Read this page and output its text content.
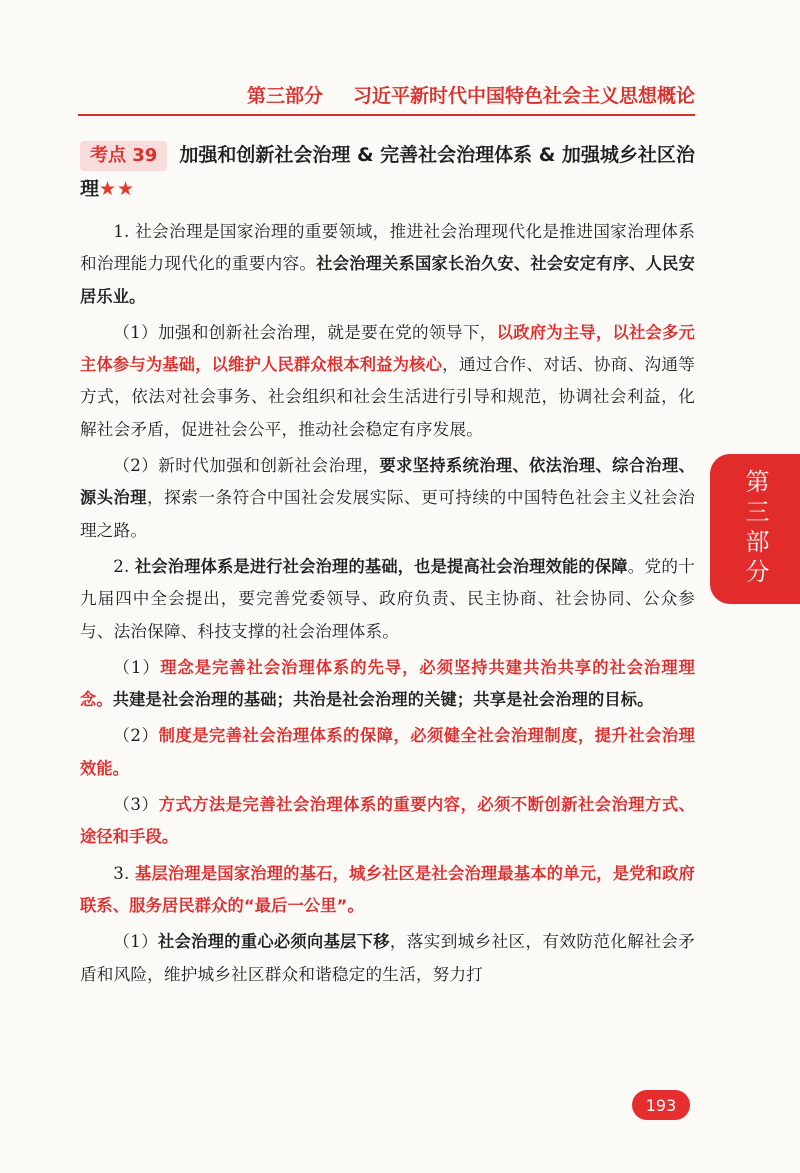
第三部分 习近平新时代中国特色社会主义思想概论
考点 39 加强和创新社会治理 & 完善社会治理体系 & 加强城乡社区治理★★

1. 社会治理是国家治理的重要领域，推进社会治理现代化是推进国家治理体系和治理能力现代化的重要内容。社会治理关系国家长治久安、社会安定有序、人民安居乐业。

（1）加强和创新社会治理，就是要在党的领导下，以政府为主导，以社会多元主体参与为基础，以维护人民群众根本利益为核心，通过合作、对话、协商、沟通等方式，依法对社会事务、社会组织和社会生活进行引导和规范，协调社会利益，化解社会矛盾，促进社会公平，推动社会稳定有序发展。

（2）新时代加强和创新社会治理，要求坚持系统治理、依法治理、综合治理、源头治理，探索一条符合中国社会发展实际、更可持续的中国特色社会主义社会治理之路。

2. 社会治理体系是进行社会治理的基础，也是提高社会治理效能的保障。党的十九届四中全会提出，要完善党委领导、政府负责、民主协商、社会协同、公众参与、法治保障、科技支撑的社会治理体系。

（1）理念是完善社会治理体系的先导，必须坚持共建共治共享的社会治理理念。共建是社会治理的基础；共治是社会治理的关键；共享是社会治理的目标。

（2）制度是完善社会治理体系的保障，必须健全社会治理制度，提升社会治理效能。

（3）方式方法是完善社会治理体系的重要内容，必须不断创新社会治理方式、途径和手段。

3. 基层治理是国家治理的基石，城乡社区是社会治理最基本的单元，是党和政府联系、服务居民群众的“最后一公里”。

（1）社会治理的重心必须向基层下移，落实到城乡社区，有效防范化解社会矛盾和风险，维护城乡社区群众和谐稳定的生活，努力打

第三部分
193
